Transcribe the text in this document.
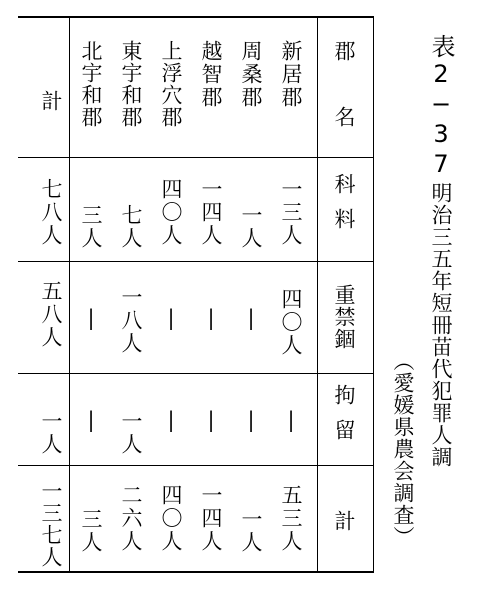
郡名
科料
重禁錮
拘留
計
新居郡
周桑郡
越智郡
上浮穴郡
東宇和郡
北宇和郡
一三人
一人
一四人
四〇人
七人
三人
七八人
四〇人
|
|
|
一八人
|
五八人
|
|
|
|
一人
|
一人
五三人
一人
一四人
四〇人
二六人
三人
一三七人
計	表2−37
明治三五年短冊苗代犯罪人調
（愛媛県農会調査）
